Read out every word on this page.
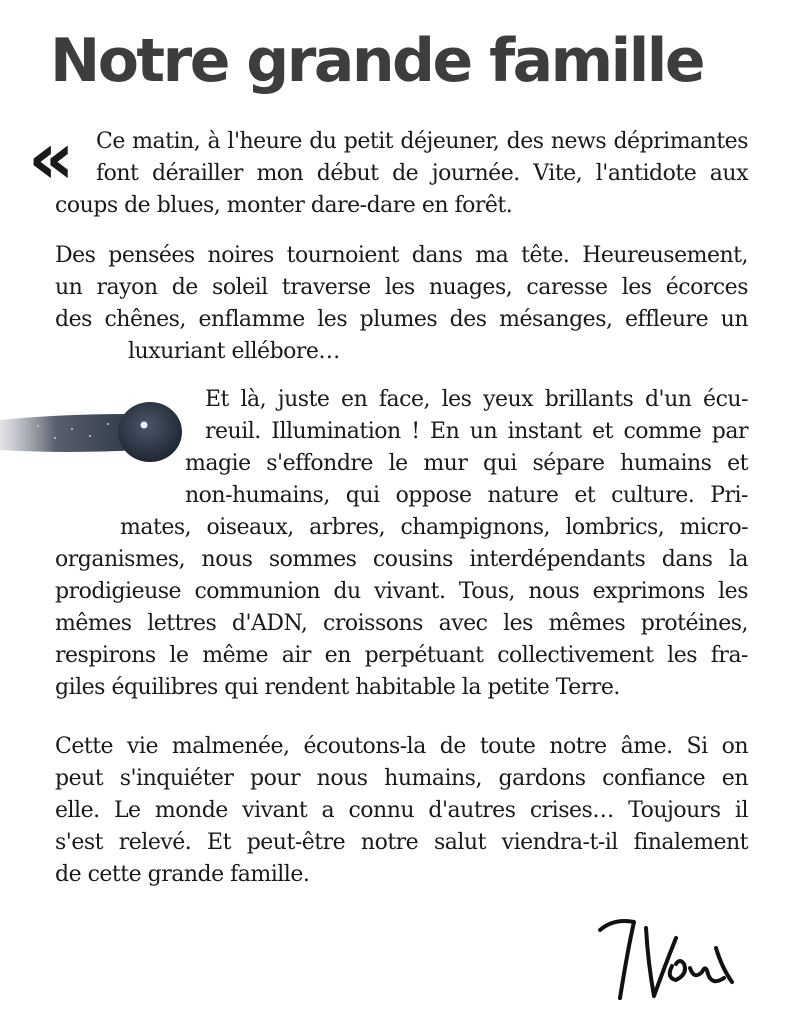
Notre grande famille
« Ce matin, à l'heure du petit déjeuner, des news déprimantes
font dérailler mon début de journée. Vite, l'antidote aux
coups de blues, monter dare-dare en forêt.
Des pensées noires tournoient dans ma tête. Heureusement,
un rayon de soleil traverse les nuages, caresse les écorces
des chênes, enflamme les plumes des mésanges, effleure un
luxuriant ellébore…
Et là, juste en face, les yeux brillants d'un écu-
reuil. Illumination ! En un instant et comme par
magie s'effondre le mur qui sépare humains et
non-humains, qui oppose nature et culture. Pri-
mates, oiseaux, arbres, champignons, lombrics, micro-
organismes, nous sommes cousins interdépendants dans la
prodigieuse communion du vivant. Tous, nous exprimons les
mêmes lettres d'ADN, croissons avec les mêmes protéines,
respirons le même air en perpétuant collectivement les fra-
giles équilibres qui rendent habitable la petite Terre.
Cette vie malmenée, écoutons-la de toute notre âme. Si on
peut s'inquiéter pour nous humains, gardons confiance en
elle. Le monde vivant a connu d'autres crises… Toujours il
s'est relevé. Et peut-être notre salut viendra-t-il finalement
de cette grande famille.
